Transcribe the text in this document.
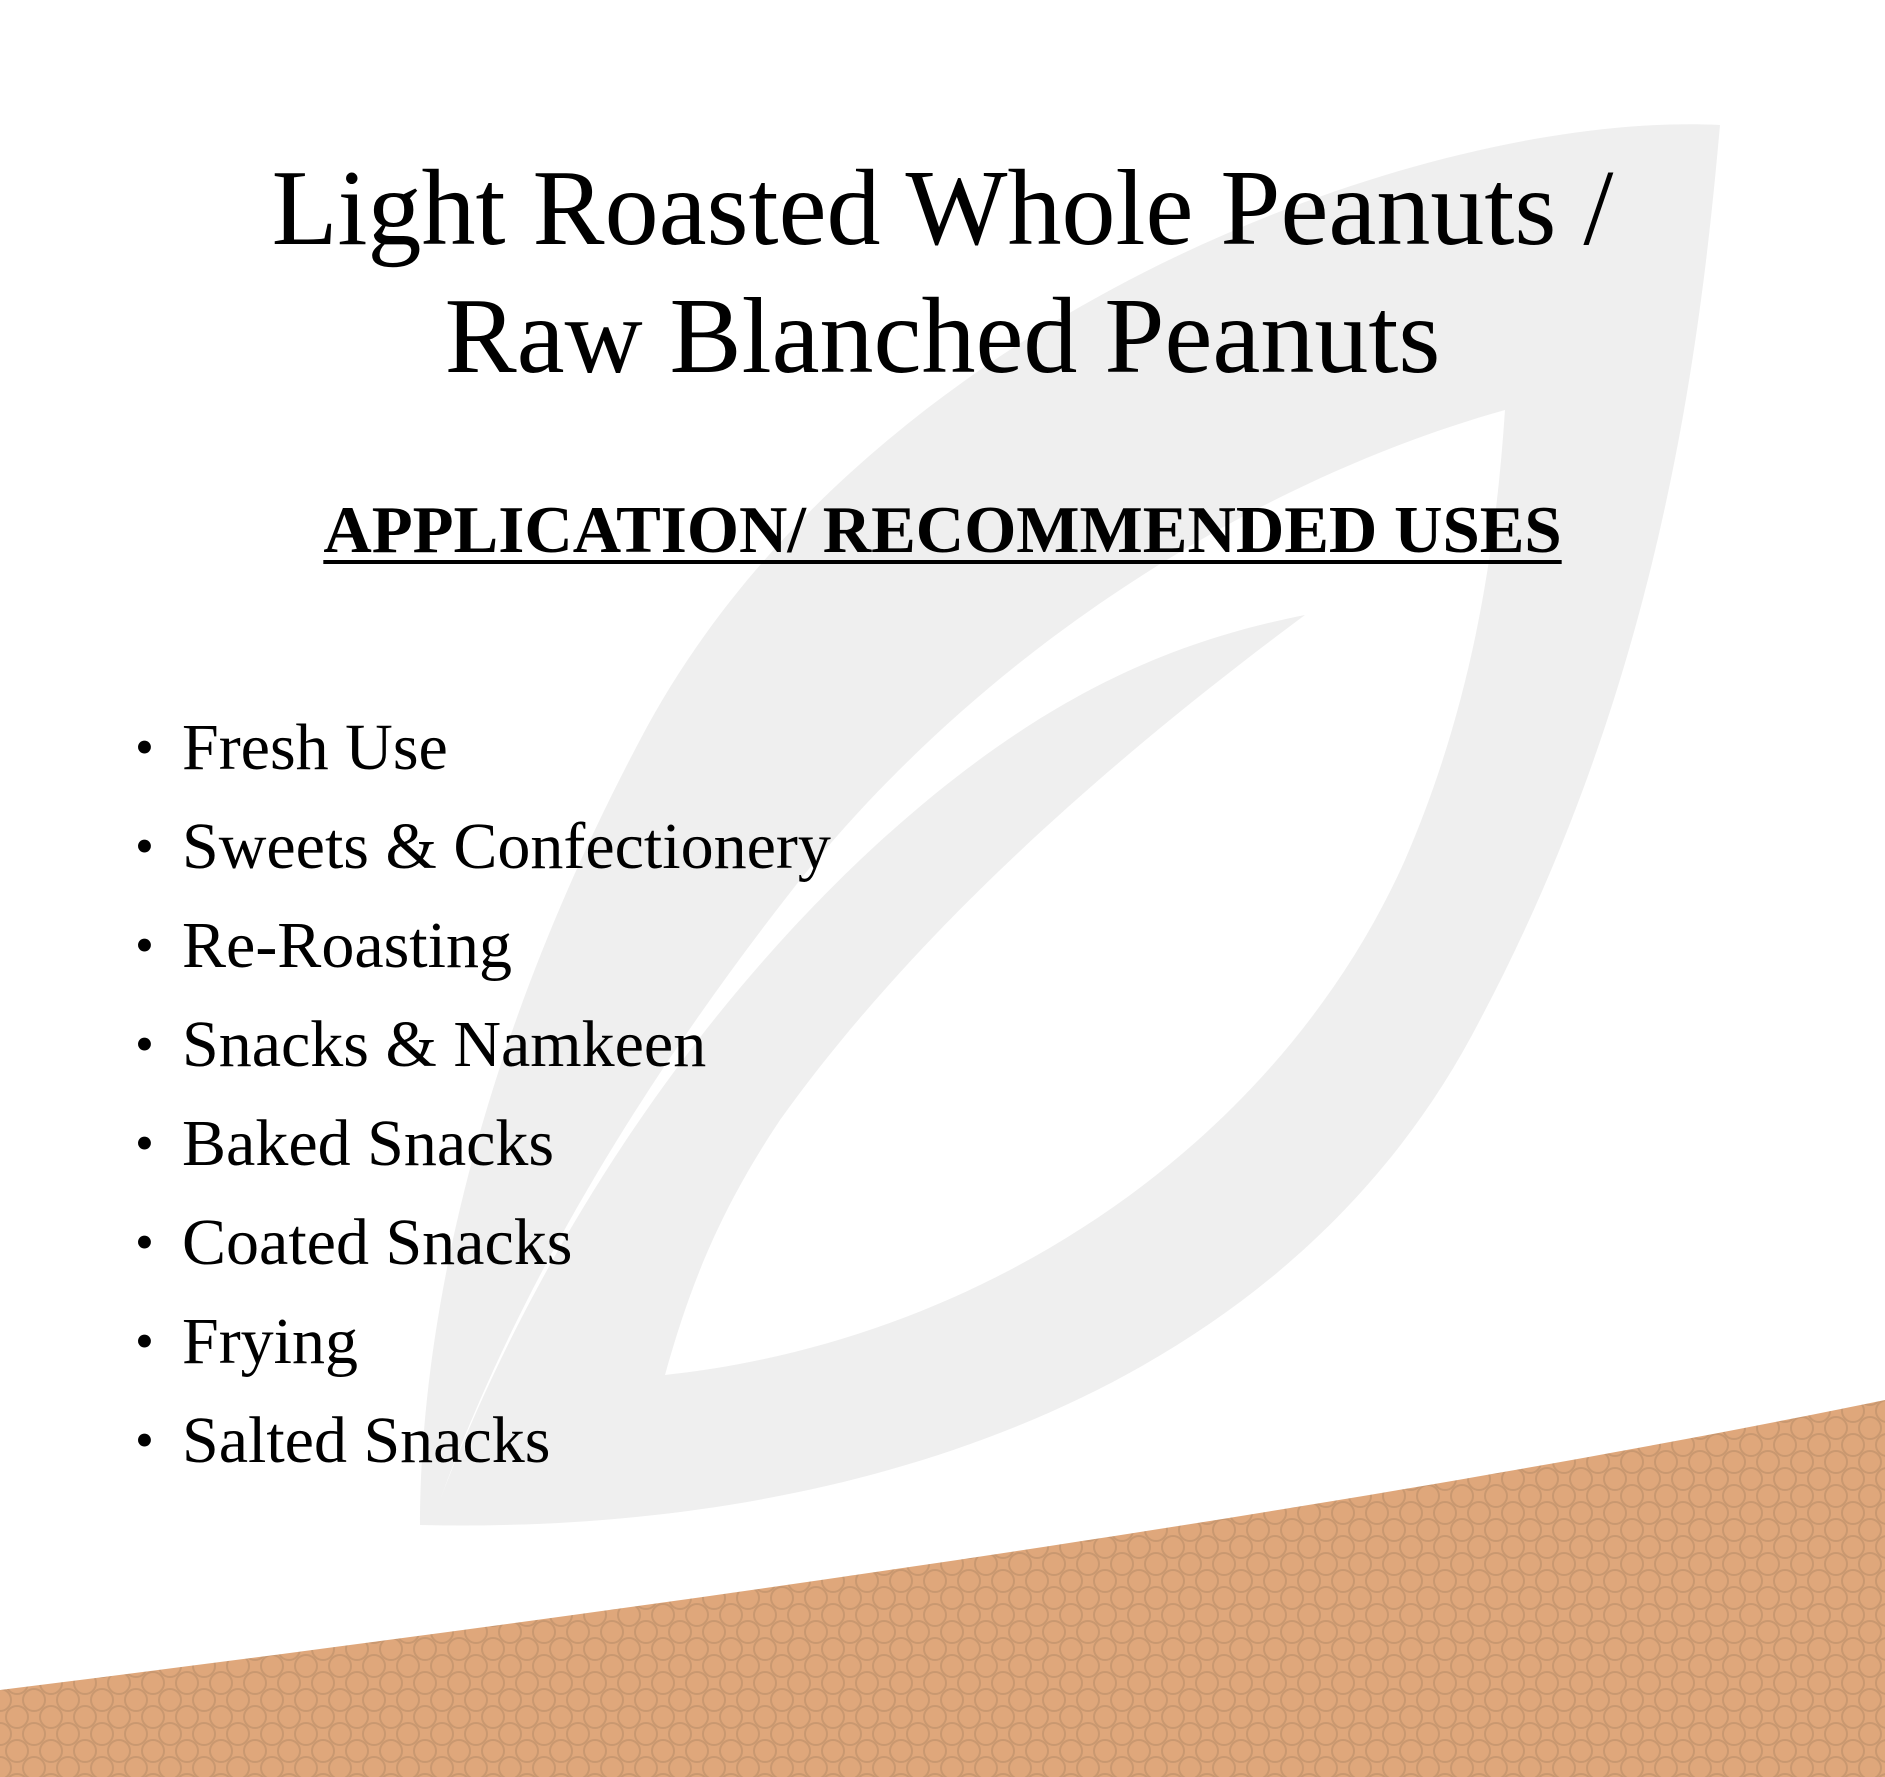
Light Roasted Whole Peanuts /
Raw Blanched Peanuts
APPLICATION/ RECOMMENDED USES
• Fresh Use
• Sweets & Confectionery
• Re-Roasting
• Snacks & Namkeen
• Baked Snacks
• Coated Snacks
• Frying
• Salted Snacks
